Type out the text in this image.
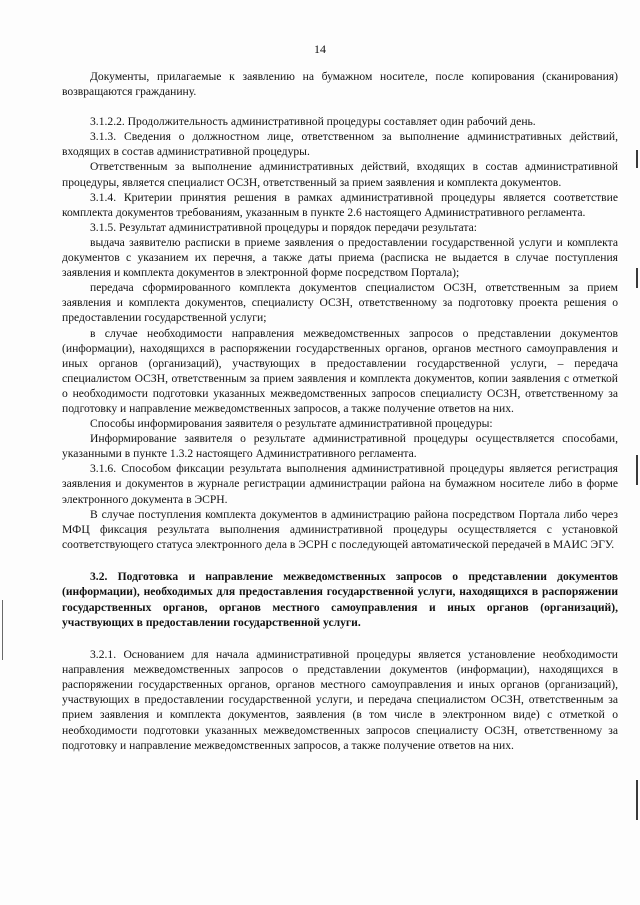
14

Документы, прилагаемые к заявлению на бумажном носителе, после копирования (сканирования) возвращаются гражданину.

3.1.2.2. Продолжительность административной процедуры составляет один рабочий день.

3.1.3. Сведения о должностном лице, ответственном за выполнение административных действий, входящих в состав административной процедуры.

Ответственным за выполнение административных действий, входящих в состав административной процедуры, является специалист ОСЗН, ответственный за прием заявления и комплекта документов.

3.1.4. Критерии принятия решения в рамках административной процедуры является соответствие комплекта документов требованиям, указанным в пункте 2.6 настоящего Административного регламента.

3.1.5. Результат административной процедуры и порядок передачи результата:

выдача заявителю расписки в приеме заявления о предоставлении государственной услуги и комплекта документов с указанием их перечня, а также даты приема (расписка не выдается в случае поступления заявления и комплекта документов в электронной форме посредством Портала);

передача сформированного комплекта документов специалистом ОСЗН, ответственным за прием заявления и комплекта документов, специалисту ОСЗН, ответственному за подготовку проекта решения о предоставлении государственной услуги;

в случае необходимости направления межведомственных запросов о представлении документов (информации), находящихся в распоряжении государственных органов, органов местного самоуправления и иных органов (организаций), участвующих в предоставлении государственной услуги, – передача специалистом ОСЗН, ответственным за прием заявления и комплекта документов, копии заявления с отметкой о необходимости подготовки указанных межведомственных запросов специалисту ОСЗН, ответственному за подготовку и направление межведомственных запросов, а также получение ответов на них.

Способы информирования заявителя о результате административной процедуры:

Информирование заявителя о результате административной процедуры осуществляется способами, указанными в пункте 1.3.2 настоящего Административного регламента.

3.1.6. Способом фиксации результата выполнения административной процедуры является регистрация заявления и документов в журнале регистрации администрации района на бумажном носителе либо в форме электронного документа в ЭСРН.

В случае поступления комплекта документов в администрацию района посредством Портала либо через МФЦ фиксация результата выполнения административной процедуры осуществляется с установкой соответствующего статуса электронного дела в ЭСРН с последующей автоматической передачей в МАИС ЭГУ.

3.2. Подготовка и направление межведомственных запросов о представлении документов (информации), необходимых для предоставления государственной услуги, находящихся в распоряжении государственных органов, органов местного самоуправления и иных органов (организаций), участвующих в предоставлении государственной услуги.

3.2.1. Основанием для начала административной процедуры является установление необходимости направления межведомственных запросов о представлении документов (информации), находящихся в распоряжении государственных органов, органов местного самоуправления и иных органов (организаций), участвующих в предоставлении государственной услуги, и передача специалистом ОСЗН, ответственным за прием заявления и комплекта документов, заявления (в том числе в электронном виде) с отметкой о необходимости подготовки указанных межведомственных запросов специалисту ОСЗН, ответственному за подготовку и направление межведомственных запросов, а также получение ответов на них.
